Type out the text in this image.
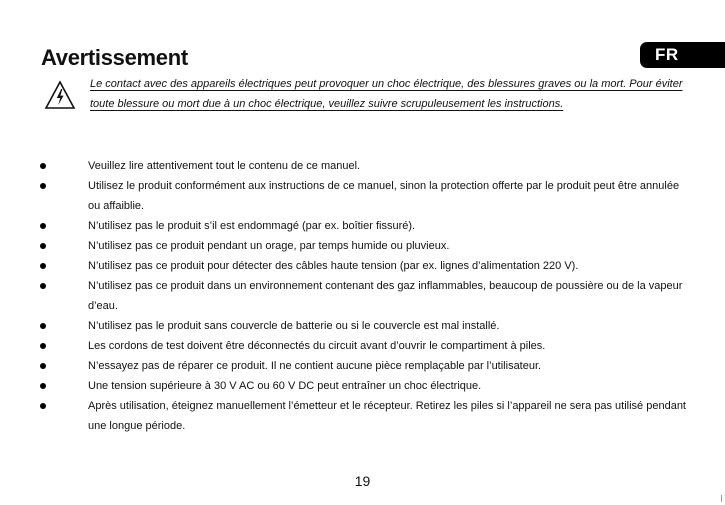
Avertissement	FR
Le contact avec des appareils électriques peut provoquer un choc électrique, des blessures graves ou la mort. Pour éviter toute blessure ou mort due à un choc électrique, veuillez suivre scrupuleusement les instructions.
Veuillez lire attentivement tout le contenu de ce manuel.
Utilisez le produit conformément aux instructions de ce manuel, sinon la protection offerte par le produit peut être annulée ou affaiblie.
N’utilisez pas le produit s’il est endommagé (par ex. boîtier fissuré).
N’utilisez pas ce produit pendant un orage, par temps humide ou pluvieux.
N’utilisez pas ce produit pour détecter des câbles haute tension (par ex. lignes d’alimentation 220 V).
N’utilisez pas ce produit dans un environnement contenant des gaz inflammables, beaucoup de poussière ou de la vapeur d’eau.
N’utilisez pas le produit sans couvercle de batterie ou si le couvercle est mal installé.
Les cordons de test doivent être déconnectés du circuit avant d’ouvrir le compartiment à piles.
N’essayez pas de réparer ce produit. Il ne contient aucune pièce remplaçable par l’utilisateur.
Une tension supérieure à 30 V AC ou 60 V DC peut entraîner un choc électrique.
Après utilisation, éteignez manuellement l’émetteur et le récepteur. Retirez les piles si l’appareil ne sera pas utilisé pendant une longue période.
19
